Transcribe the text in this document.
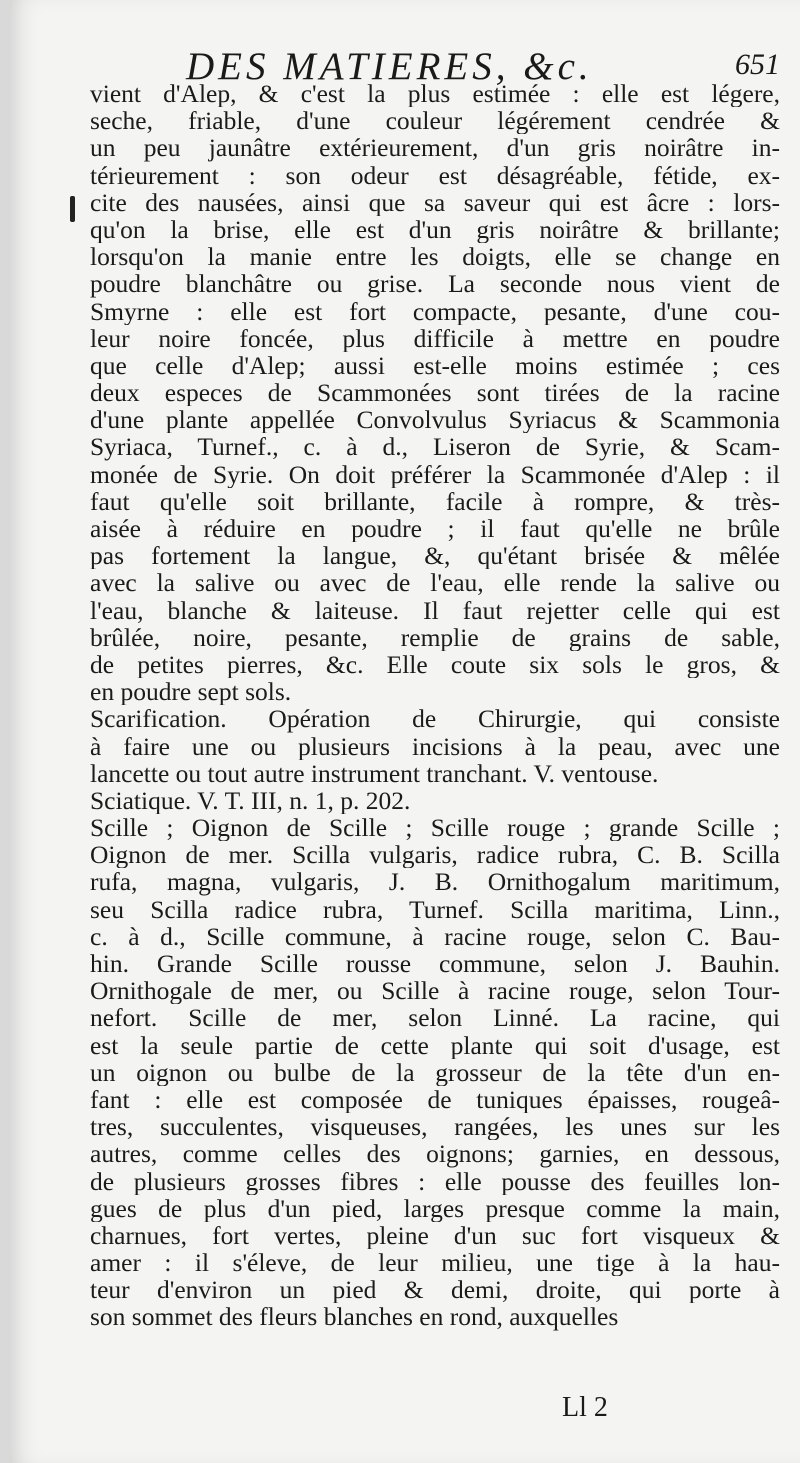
DES MATIERES, &c.	651
vient d'Alep, & c'est la plus estimée : elle est légere,
seche, friable, d'une couleur légérement cendrée &
un peu jaunâtre extérieurement, d'un gris noirâtre in-
térieurement : son odeur est désagréable, fétide, ex-
cite des nausées, ainsi que sa saveur qui est âcre : lors-
qu'on la brise, elle est d'un gris noirâtre & brillante;
lorsqu'on la manie entre les doigts, elle se change en
poudre blanchâtre ou grise. La seconde nous vient de
Smyrne : elle est fort compacte, pesante, d'une cou-
leur noire foncée, plus difficile à mettre en poudre
que celle d'Alep; aussi est-elle moins estimée ; ces
deux especes de Scammonées sont tirées de la racine
d'une plante appellée Convolvulus Syriacus & Scammonia
Syriaca, Turnef., c. à d., Liseron de Syrie, & Scam-
monée de Syrie. On doit préférer la Scammonée d'Alep : il
faut qu'elle soit brillante, facile à rompre, & très-
aisée à réduire en poudre ; il faut qu'elle ne brûle
pas fortement la langue, &, qu'étant brisée & mêlée
avec la salive ou avec de l'eau, elle rende la salive ou
l'eau, blanche & laiteuse. Il faut rejetter celle qui est
brûlée, noire, pesante, remplie de grains de sable,
de petites pierres, &c. Elle coute six sols le gros, &
en poudre sept sols.
Scarification. Opération de Chirurgie, qui consiste
à faire une ou plusieurs incisions à la peau, avec une
lancette ou tout autre instrument tranchant. V. ventouse.
Sciatique. V. T. III, n. 1, p. 202.
Scille ; Oignon de Scille ; Scille rouge ; grande Scille ;
Oignon de mer. Scilla vulgaris, radice rubra, C. B. Scilla
rufa, magna, vulgaris, J. B. Ornithogalum maritimum,
seu Scilla radice rubra, Turnef. Scilla maritima, Linn.,
c. à d., Scille commune, à racine rouge, selon C. Bau-
hin. Grande Scille rousse commune, selon J. Bauhin.
Ornithogale de mer, ou Scille à racine rouge, selon Tour-
nefort. Scille de mer, selon Linné. La racine, qui
est la seule partie de cette plante qui soit d'usage, est
un oignon ou bulbe de la grosseur de la tête d'un en-
fant : elle est composée de tuniques épaisses, rougeâ-
tres, succulentes, visqueuses, rangées, les unes sur les
autres, comme celles des oignons; garnies, en dessous,
de plusieurs grosses fibres : elle pousse des feuilles lon-
gues de plus d'un pied, larges presque comme la main,
charnues, fort vertes, pleine d'un suc fort visqueux &
amer : il s'éleve, de leur milieu, une tige à la hau-
teur d'environ un pied & demi, droite, qui porte à
son sommet des fleurs blanches en rond, auxquelles
Ll 2
